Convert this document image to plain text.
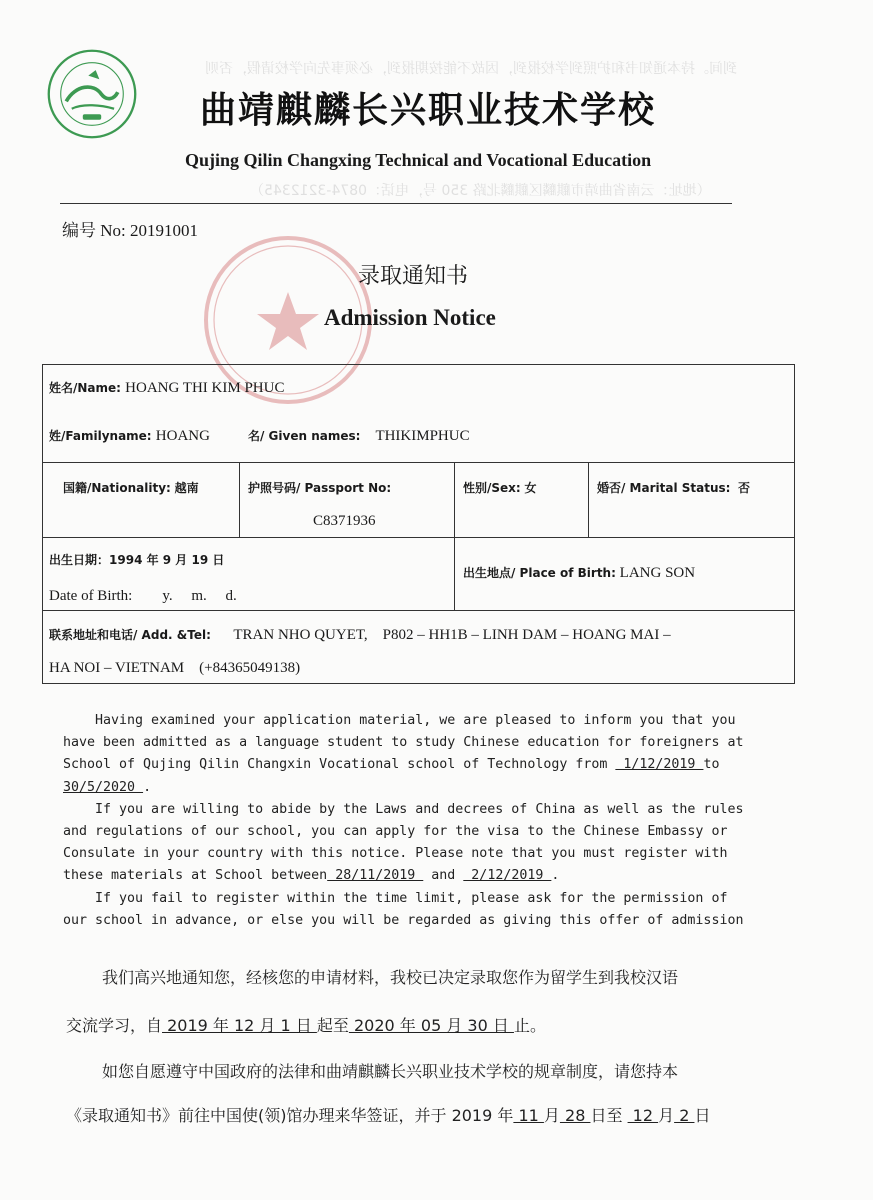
到间。持本通知书和护照到学校报到，因故不能按期报到，必须事先向学校请假，否则
（地址：云南省曲靖市麒麟区麒麟北路 350 号，电话：0874-3212345）
曲靖麒麟长兴职业技术学校
Qujing Qilin Changxing Technical and Vocational Education
编号 No: 20191001
录取通知书
Admission Notice
姓名/Name: HOANG THI KIM PHUC
姓/Familyname: HOANG	名/ Given names: THIKIMPHUC
国籍/Nationality: 越南	护照号码/ Passport No:
C8371936
性别/Sex: 女	婚否/ Marital Status: 否
出生日期：1994 年 9 月 19 日
Date of Birth: y.     m.     d.
出生地点/ Place of Birth: LANG SON
联系地址和电话/ Add. &Tel: TRAN NHO QUYET,    P802 – HH1B – LINH DAM – HOANG MAI –
HA NOI – VIETNAM    (+84365049138)
Having examined your application material, we are pleased to inform you that you
have been admitted as a language student to study Chinese education for foreigners at
School of Qujing Qilin Changxin Vocational school of Technology from  1/12/2019 to
30/5/2020 .
If you are willing to abide by the Laws and decrees of China as well as the rules
and regulations of our school, you can apply for the visa to the Chinese Embassy or
Consulate in your country with this notice. Please note that you must register with
these materials at School between 28/11/2019  and  2/12/2019 .
If you fail to register within the time limit, please ask for the permission of
our school in advance, or else you will be regarded as giving this offer of admission
我们高兴地通知您，经核您的申请材料，我校已决定录取您作为留学生到我校汉语
交流学习，自 2019 年 12 月 1 日 起至 2020 年 05 月 30 日 止。
如您自愿遵守中国政府的法律和曲靖麒麟长兴职业技术学校的规章制度，请您持本
《录取通知书》前往中国使(领)馆办理来华签证，并于 2019 年 11 月 28 日至  12 月 2 日
